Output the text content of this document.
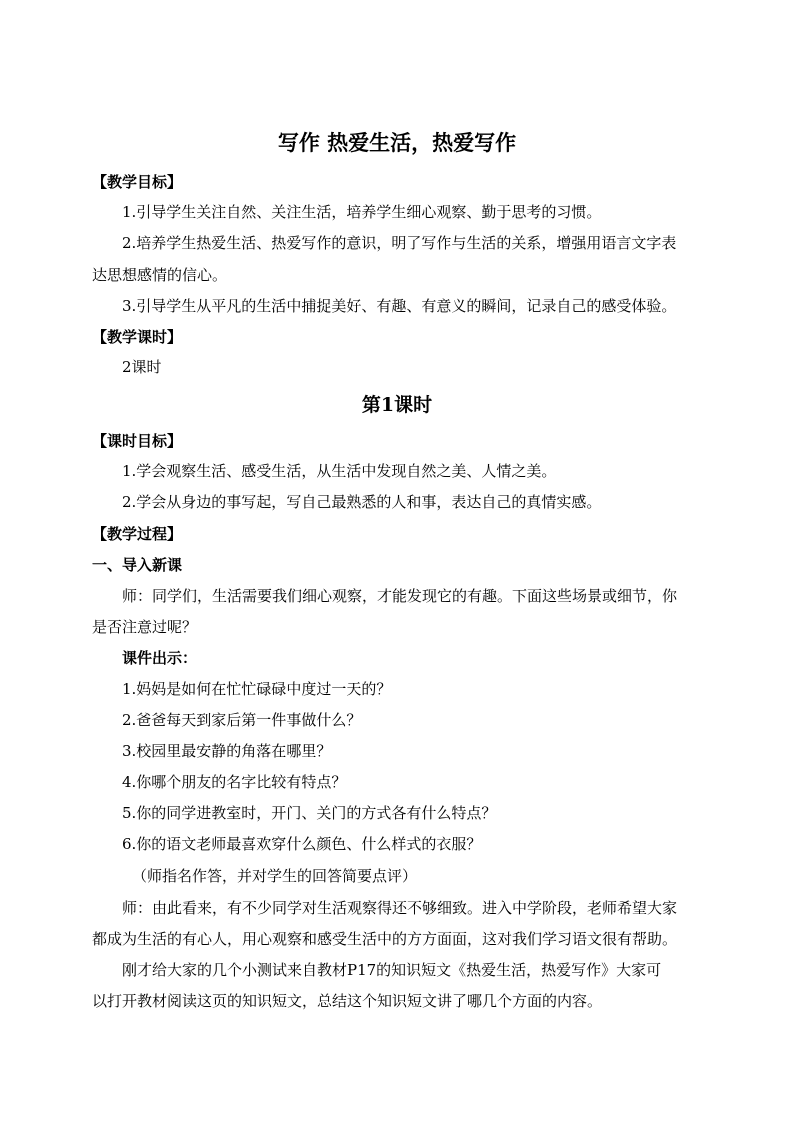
写作 热爱生活，热爱写作
【教学目标】
1.引导学生关注自然、关注生活，培养学生细心观察、勤于思考的习惯。
2.培养学生热爱生活、热爱写作的意识，明了写作与生活的关系，增强用语言文字表
达思想感情的信心。
3.引导学生从平凡的生活中捕捉美好、有趣、有意义的瞬间，记录自己的感受体验。
【教学课时】
2课时
第1课时
【课时目标】
1.学会观察生活、感受生活，从生活中发现自然之美、人情之美。
2.学会从身边的事写起，写自己最熟悉的人和事，表达自己的真情实感。
【教学过程】
一、导入新课
师：同学们，生活需要我们细心观察，才能发现它的有趣。下面这些场景或细节，你
是否注意过呢？
课件出示：
1.妈妈是如何在忙忙碌碌中度过一天的？
2.爸爸每天到家后第一件事做什么？
3.校园里最安静的角落在哪里？
4.你哪个朋友的名字比较有特点？
5.你的同学进教室时，开门、关门的方式各有什么特点？
6.你的语文老师最喜欢穿什么颜色、什么样式的衣服？
（师指名作答，并对学生的回答简要点评）
师：由此看来，有不少同学对生活观察得还不够细致。进入中学阶段，老师希望大家
都成为生活的有心人，用心观察和感受生活中的方方面面，这对我们学习语文很有帮助。
刚才给大家的几个小测试来自教材P17的知识短文《热爱生活，热爱写作》大家可
以打开教材阅读这页的知识短文，总结这个知识短文讲了哪几个方面的内容。
